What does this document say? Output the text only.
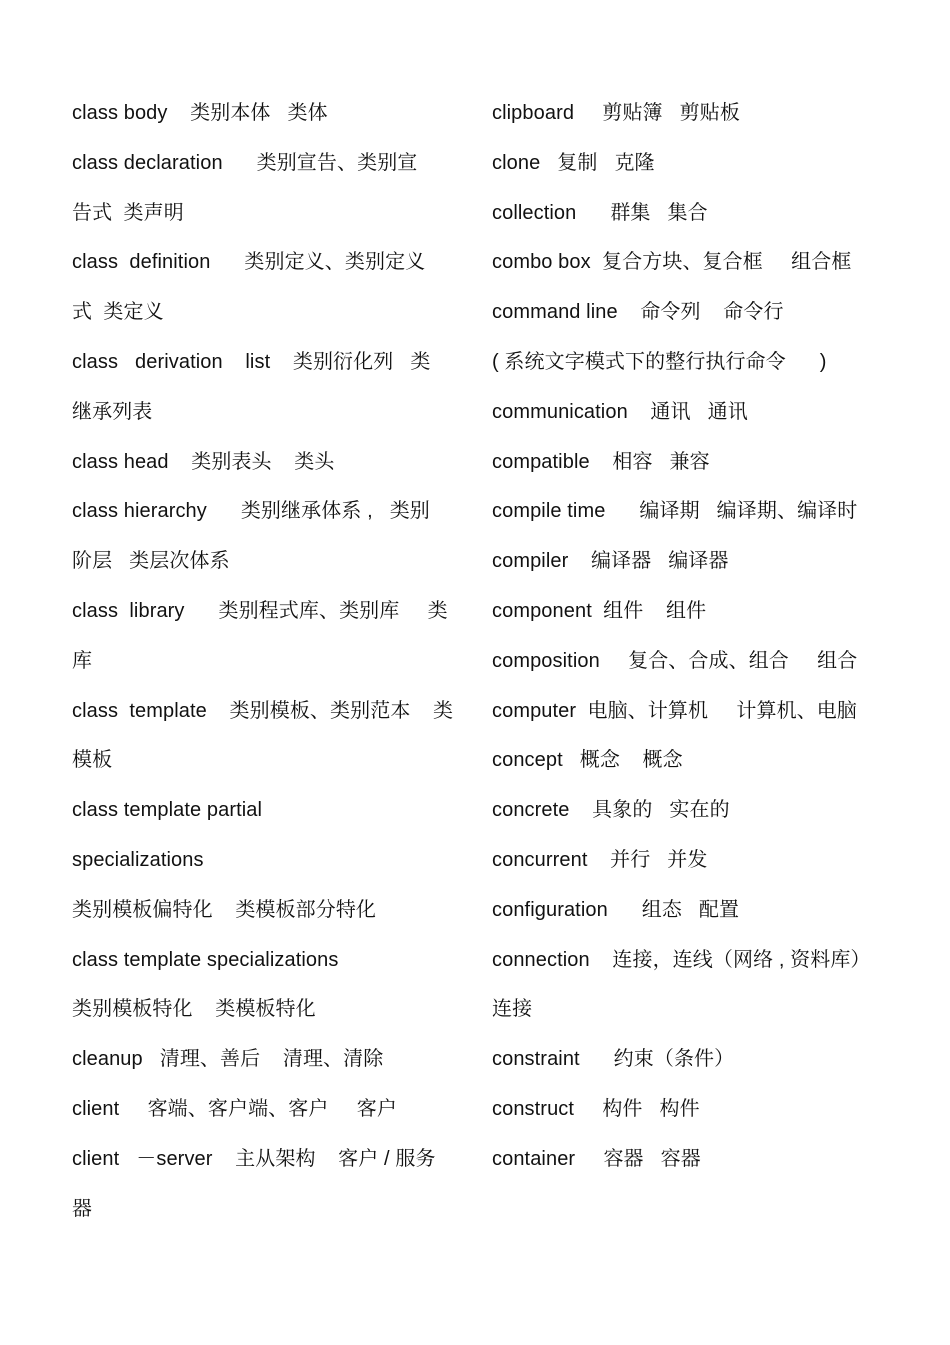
class body    类别本体   类体
class declaration      类别宣告、类别宣
告式  类声明
class  definition      类别定义、类别定义
式  类定义
class   derivation    list    类别衍化列   类
继承列表
class head    类别表头    类头
class hierarchy      类别继承体系 ,   类别
阶层   类层次体系
class  library      类别程式库、类别库     类
库
class  template    类别模板、类别范本    类
模板
class template partial
specializations
类别模板偏特化    类模板部分特化
class template specializations
类别模板特化    类模板特化
cleanup   清理、善后    清理、清除
client     客端、客户端、客户     客户
client   －server    主从架构    客户 / 服务
器
clipboard     剪贴簿   剪贴板
clone   复制   克隆
collection      群集   集合
combo box  复合方块、复合框     组合框
command line    命令列    命令行
( 系统文字模式下的整行执行命令      )
communication    通讯   通讯
compatible    相容   兼容
compile time      编译期   编译期、编译时
compiler    编译器   编译器
component  组件    组件
composition     复合、合成、组合     组合
computer  电脑、计算机     计算机、电脑
concept   概念    概念
concrete    具象的   实在的
concurrent    并行   并发
configuration      组态   配置
connection    连接，连线（网络 , 资料库）
连接
constraint      约束（条件）
construct     构件   构件
container     容器   容器
